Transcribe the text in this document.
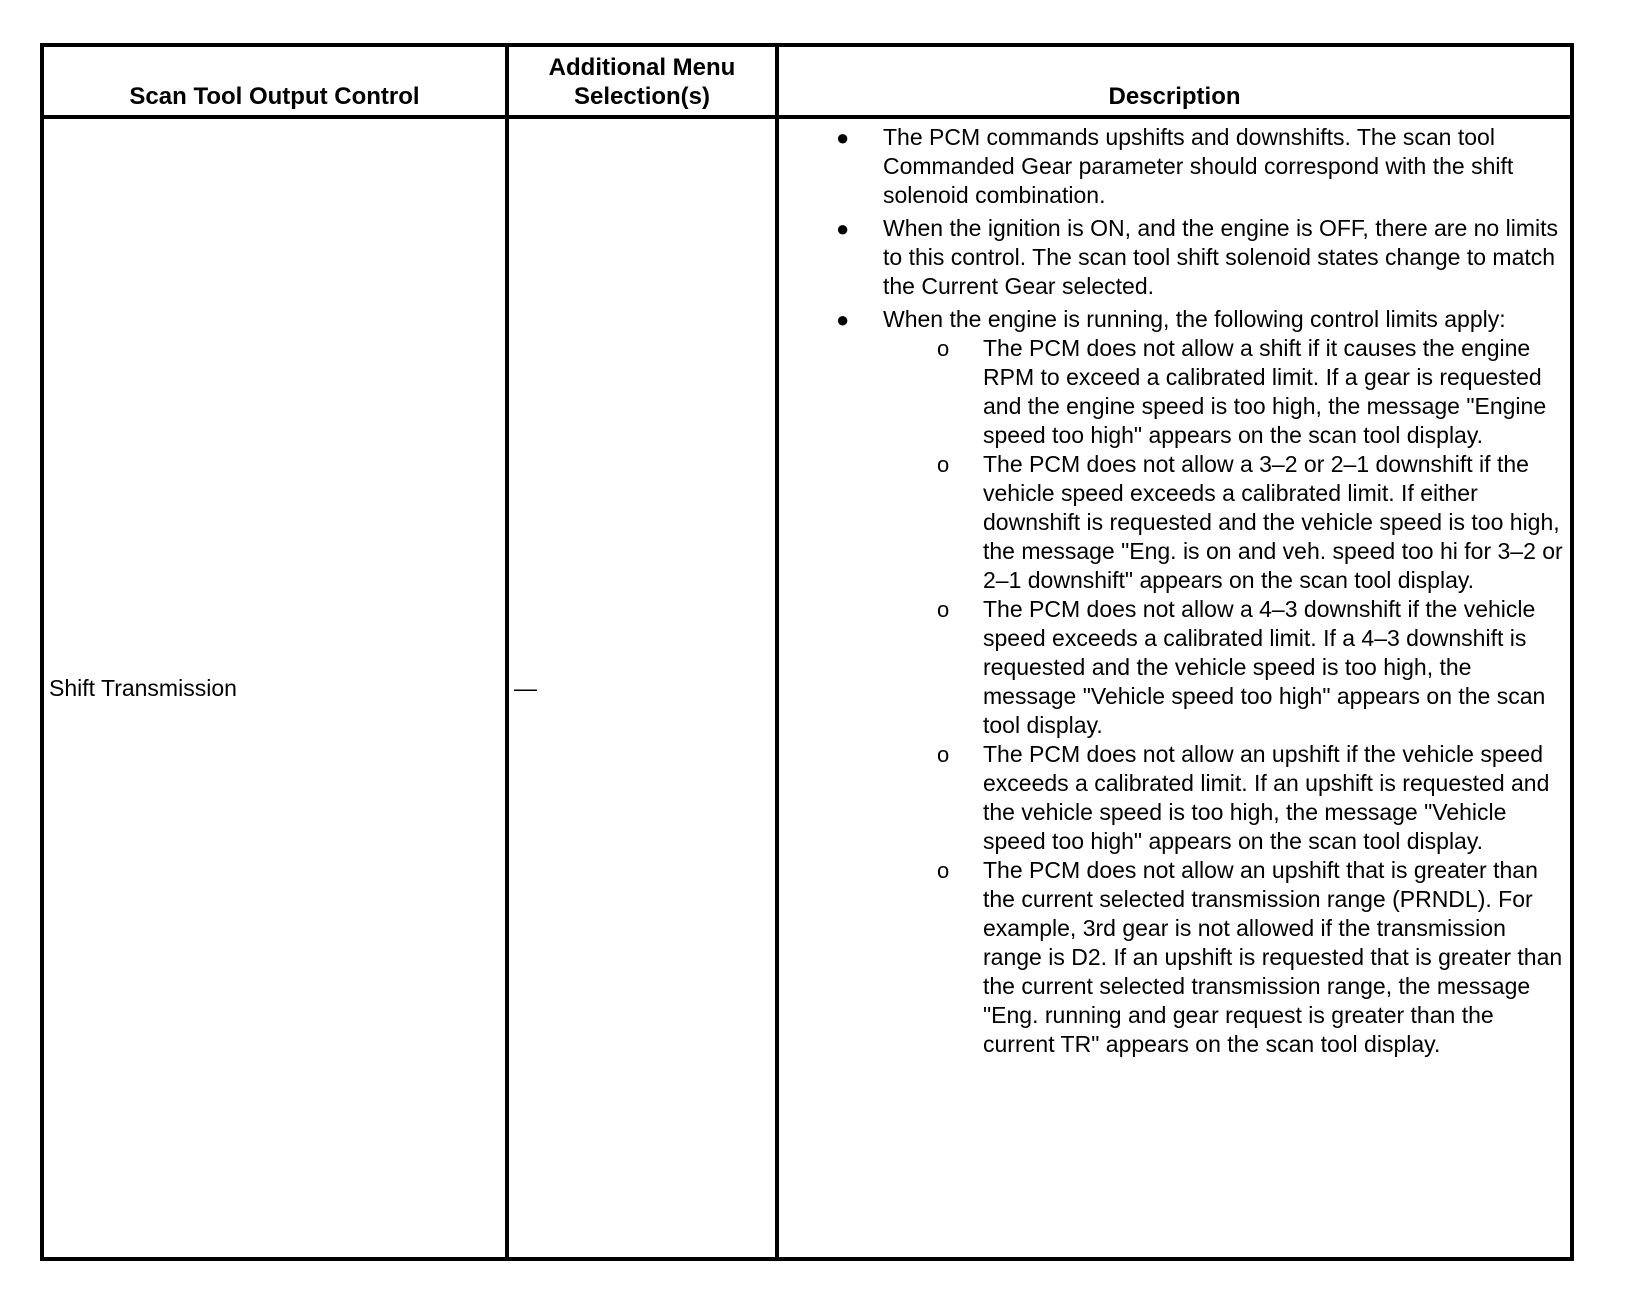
Scan Tool Output Control
Additional Menu
Selection(s)	Description
Shift Transmission	—
● The PCM commands upshifts and downshifts. The scan tool Commanded Gear parameter should correspond with the shift solenoid combination.
● When the ignition is ON, and the engine is OFF, there are no limits to this control. The scan tool shift solenoid states change to match the Current Gear selected.
● When the engine is running, the following control limits apply:
o The PCM does not allow a shift if it causes the engine RPM to exceed a calibrated limit. If a gear is requested and the engine speed is too high, the message "Engine speed too high" appears on the scan tool display.
o The PCM does not allow a 3–2 or 2–1 downshift if the vehicle speed exceeds a calibrated limit. If either downshift is requested and the vehicle speed is too high, the message "Eng. is on and veh. speed too hi for 3–2 or 2–1 downshift" appears on the scan tool display.
o The PCM does not allow a 4–3 downshift if the vehicle speed exceeds a calibrated limit. If a 4–3 downshift is requested and the vehicle speed is too high, the message "Vehicle speed too high" appears on the scan tool display.
o The PCM does not allow an upshift if the vehicle speed exceeds a calibrated limit. If an upshift is requested and the vehicle speed is too high, the message "Vehicle speed too high" appears on the scan tool display.
o The PCM does not allow an upshift that is greater than the current selected transmission range (PRNDL). For example, 3rd gear is not allowed if the transmission range is D2. If an upshift is requested that is greater than the current selected transmission range, the message "Eng. running and gear request is greater than the current TR" appears on the scan tool display.
